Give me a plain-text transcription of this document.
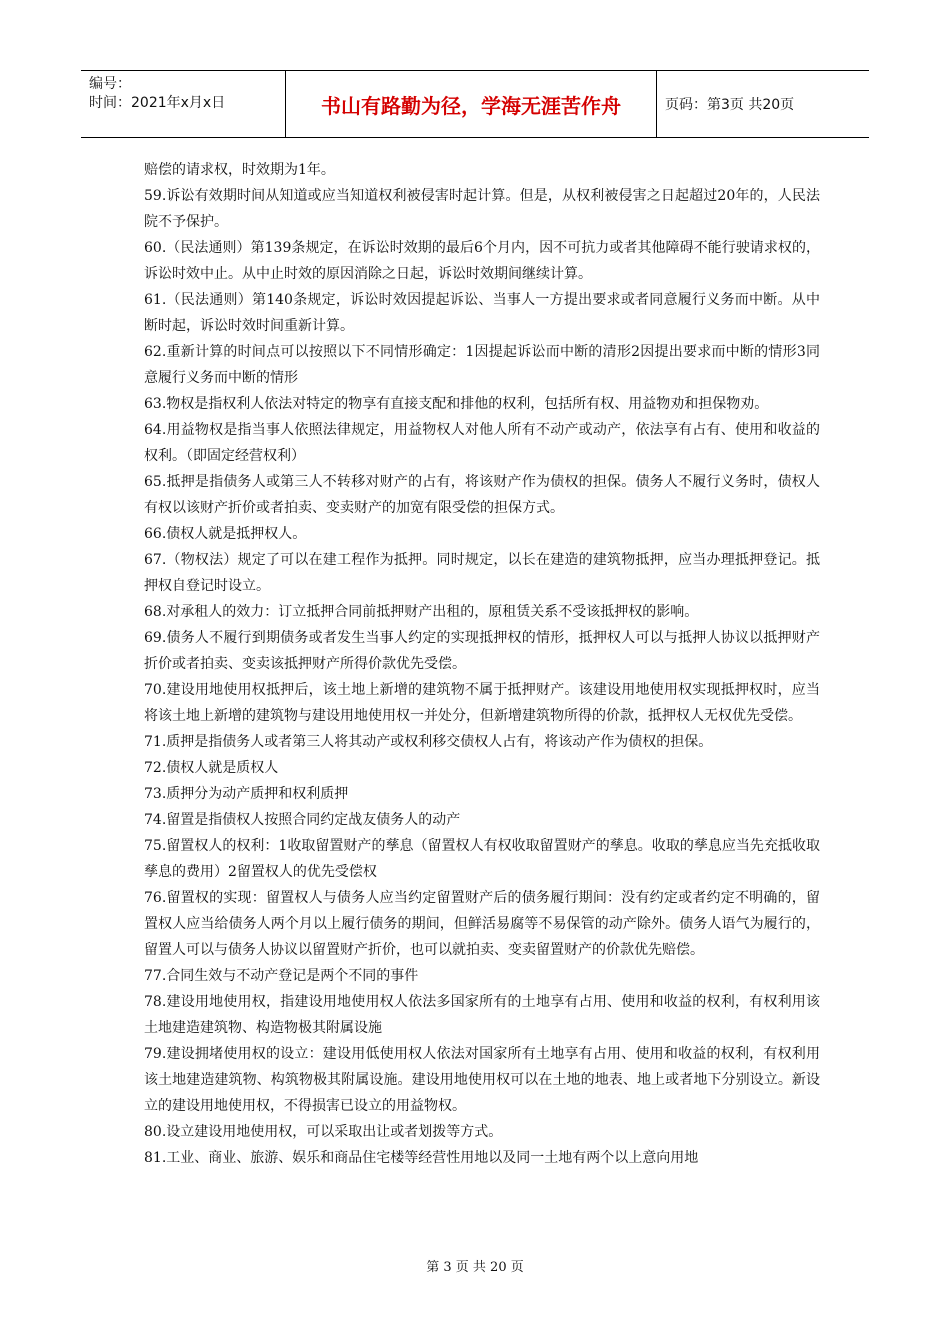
编号：
时间：2021年x月x日	书山有路勤为径，学海无涯苦作舟	页码：第3页 共20页

赔偿的请求权，时效期为1年。

59.诉讼有效期时间从知道或应当知道权利被侵害时起计算。但是，从权利被侵害之日起超过20年的，人民法院不予保护。

60.（民法通则）第139条规定，在诉讼时效期的最后6个月内，因不可抗力或者其他障碍不能行驶请求权的，诉讼时效中止。从中止时效的原因消除之日起，诉讼时效期间继续计算。

61.（民法通则）第140条规定，诉讼时效因提起诉讼、当事人一方提出要求或者同意履行义务而中断。从中断时起，诉讼时效时间重新计算。

62.重新计算的时间点可以按照以下不同情形确定：1因提起诉讼而中断的清形2因提出要求而中断的情形3同意履行义务而中断的情形

63.物权是指权利人依法对特定的物享有直接支配和排他的权利，包括所有权、用益物劝和担保物劝。

64.用益物权是指当事人依照法律规定，用益物权人对他人所有不动产或动产，依法享有占有、使用和收益的权利。（即固定经营权利）

65.抵押是指债务人或第三人不转移对财产的占有，将该财产作为债权的担保。债务人不履行义务时，债权人有权以该财产折价或者拍卖、变卖财产的加宽有限受偿的担保方式。

66.债权人就是抵押权人。

67.（物权法）规定了可以在建工程作为抵押。同时规定，以长在建造的建筑物抵押，应当办理抵押登记。抵押权自登记时设立。

68.对承租人的效力：订立抵押合同前抵押财产出租的，原租赁关系不受该抵押权的影响。

69.债务人不履行到期债务或者发生当事人约定的实现抵押权的情形，抵押权人可以与抵押人协议以抵押财产折价或者拍卖、变卖该抵押财产所得价款优先受偿。

70.建设用地使用权抵押后，该土地上新增的建筑物不属于抵押财产。该建设用地使用权实现抵押权时，应当将该土地上新增的建筑物与建设用地使用权一并处分，但新增建筑物所得的价款，抵押权人无权优先受偿。

71.质押是指债务人或者第三人将其动产或权利移交债权人占有，将该动产作为债权的担保。

72.债权人就是质权人

73.质押分为动产质押和权利质押

74.留置是指债权人按照合同约定战友债务人的动产

75.留置权人的权利：1收取留置财产的孳息（留置权人有权收取留置财产的孳息。收取的孳息应当先充抵收取孳息的费用）2留置权人的优先受偿权

76.留置权的实现：留置权人与债务人应当约定留置财产后的债务履行期间：没有约定或者约定不明确的，留置权人应当给债务人两个月以上履行债务的期间，但鲜活易腐等不易保管的动产除外。债务人语气为履行的，留置人可以与债务人协议以留置财产折价，也可以就拍卖、变卖留置财产的价款优先赔偿。

77.合同生效与不动产登记是两个不同的事件

78.建设用地使用权，指建设用地使用权人依法多国家所有的土地享有占用、使用和收益的权利，有权利用该土地建造建筑物、构造物极其附属设施

79.建设拥堵使用权的设立：建设用低使用权人依法对国家所有土地享有占用、使用和收益的权利，有权利用该土地建造建筑物、构筑物极其附属设施。建设用地使用权可以在土地的地表、地上或者地下分别设立。新设立的建设用地使用权，不得损害已设立的用益物权。

80.设立建设用地使用权，可以采取出让或者划拨等方式。

81.工业、商业、旅游、娱乐和商品住宅楼等经营性用地以及同一土地有两个以上意向用地

第 3 页 共 20 页
